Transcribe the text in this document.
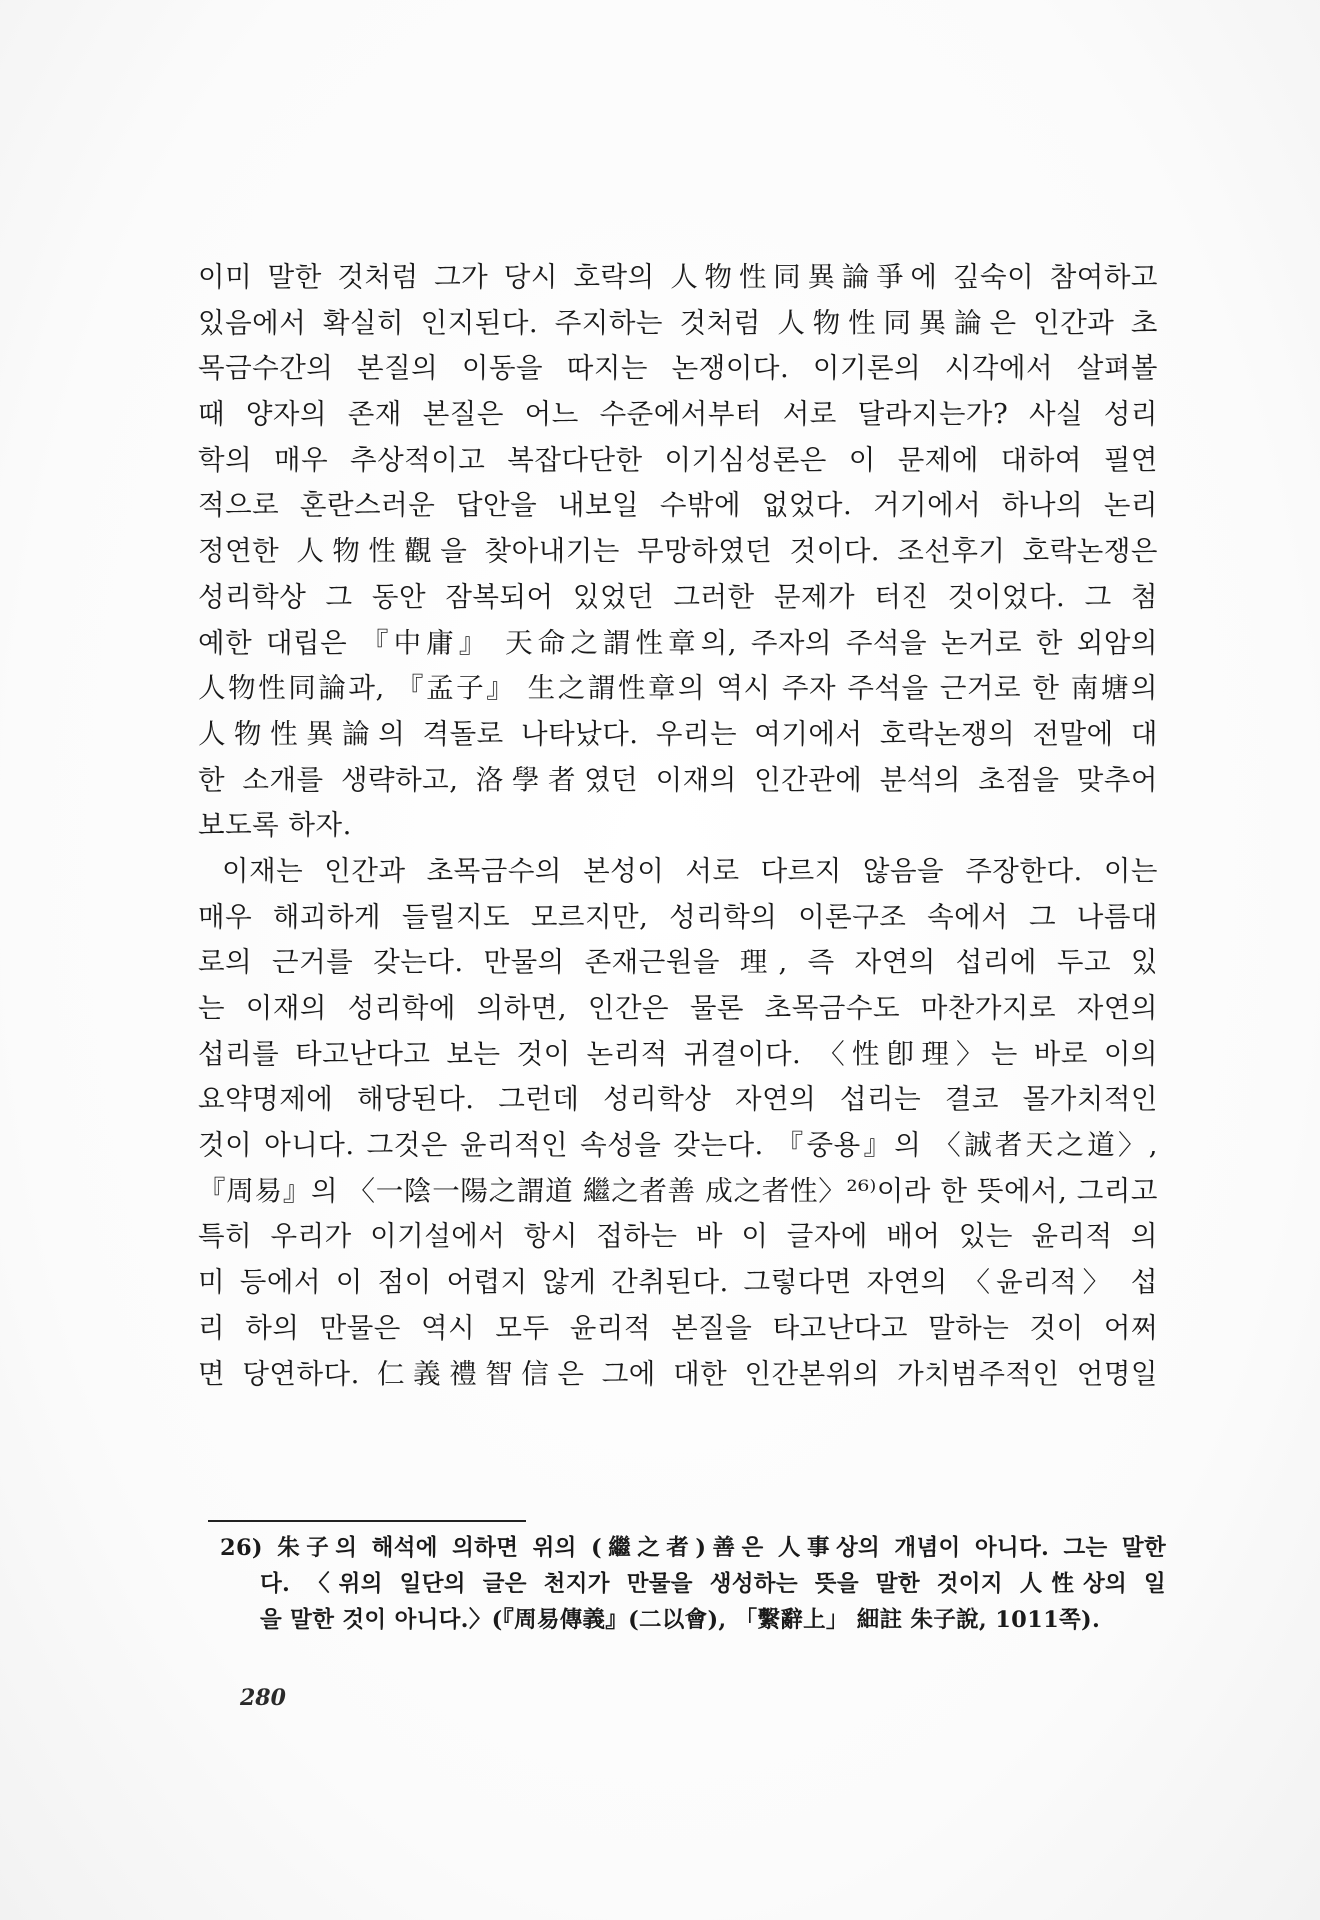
이미 말한 것처럼 그가 당시 호락의 人物性同異論爭에 깊숙이 참여하고
있음에서 확실히 인지된다. 주지하는 것처럼 人物性同異論은 인간과 초
목금수간의 본질의 이동을 따지는 논쟁이다. 이기론의 시각에서 살펴볼
때 양자의 존재 본질은 어느 수준에서부터 서로 달라지는가? 사실 성리
학의 매우 추상적이고 복잡다단한 이기심성론은 이 문제에 대하여 필연
적으로 혼란스러운 답안을 내보일 수밖에 없었다. 거기에서 하나의 논리
정연한 人物性觀을 찾아내기는 무망하였던 것이다. 조선후기 호락논쟁은
성리학상 그 동안 잠복되어 있었던 그러한 문제가 터진 것이었다. 그 첨
예한 대립은 『中庸』 天命之謂性章의, 주자의 주석을 논거로 한 외암의
人物性同論과, 『孟子』 生之謂性章의 역시 주자 주석을 근거로 한 南塘의
人物性異論의 격돌로 나타났다. 우리는 여기에서 호락논쟁의 전말에 대
한 소개를 생략하고, 洛學者였던 이재의 인간관에 분석의 초점을 맞추어
보도록 하자.
이재는 인간과 초목금수의 본성이 서로 다르지 않음을 주장한다. 이는
매우 해괴하게 들릴지도 모르지만, 성리학의 이론구조 속에서 그 나름대
로의 근거를 갖는다. 만물의 존재근원을 理, 즉 자연의 섭리에 두고 있
는 이재의 성리학에 의하면, 인간은 물론 초목금수도 마찬가지로 자연의
섭리를 타고난다고 보는 것이 논리적 귀결이다. 〈性卽理〉는 바로 이의
요약명제에 해당된다. 그런데 성리학상 자연의 섭리는 결코 몰가치적인
것이 아니다. 그것은 윤리적인 속성을 갖는다. 『중용』의 〈誠者天之道〉,
『周易』의 〈一陰一陽之謂道 繼之者善 成之者性〉²⁶⁾이라 한 뜻에서, 그리고
특히 우리가 이기설에서 항시 접하는 바 이 글자에 배어 있는 윤리적 의
미 등에서 이 점이 어렵지 않게 간취된다. 그렇다면 자연의 〈윤리적〉 섭
리 하의 만물은 역시 모두 윤리적 본질을 타고난다고 말하는 것이 어쩌
면 당연하다. 仁義禮智信은 그에 대한 인간본위의 가치범주적인 언명일
26) 朱子의 해석에 의하면 위의 (繼之者)善은 人事상의 개념이 아니다. 그는 말한
다. 〈위의 일단의 글은 천지가 만물을 생성하는 뜻을 말한 것이지 人性상의 일
을 말한 것이 아니다.〉(『周易傳義』(二以會), 「繫辭上」 細註 朱子說, 1011쪽).
280
